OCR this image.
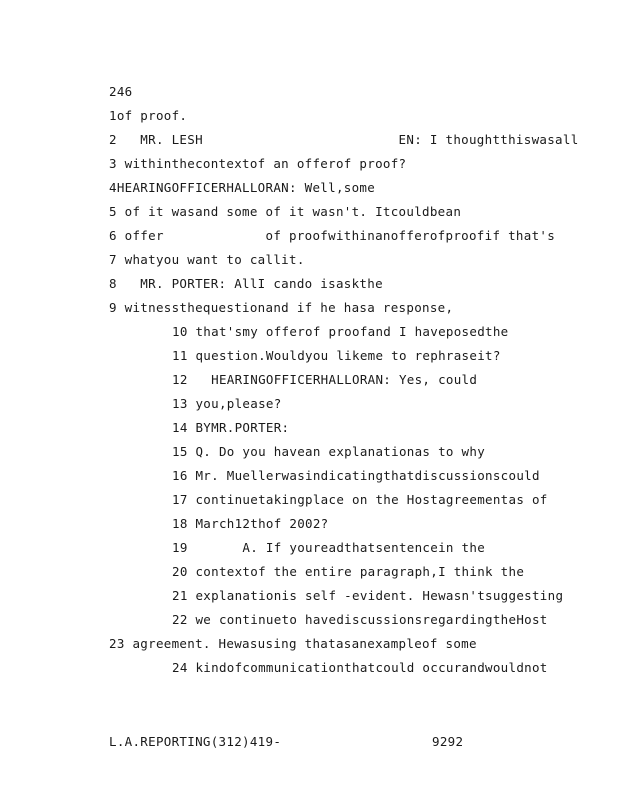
246
1of proof.
2   MR. LESH                         EN: I thoughtthiswasall
3 withinthecontextof an offerof proof?
4HEARINGOFFICERHALLORAN: Well,some
5 of it wasand some of it wasn't. Itcouldbean
6 offer             of proofwithinanofferofproofif that's
7 whatyou want to callit.
8   MR. PORTER: AllI cando isaskthe
9 witnessthequestionand if he hasa response,
10 that'smy offerof proofand I haveposedthe
11 question.Wouldyou likeme to rephraseit?
12   HEARINGOFFICERHALLORAN: Yes, could
13 you,please?
14 BYMR.PORTER:
15 Q. Do you havean explanationas to why
16 Mr. Muellerwasindicatingthatdiscussionscould
17 continuetakingplace on the Hostagreementas of
18 March12thof 2002?
19       A. If youreadthatsentencein the
20 contextof the entire paragraph,I think the
21 explanationis self -evident. Hewasn'tsuggesting
22 we continueto havediscussionsregardingtheHost
23 agreement. Hewasusing thatasanexampleof some
24 kindofcommunicationthatcould occurandwouldnot
L.A.REPORTING(312)419-	9292
